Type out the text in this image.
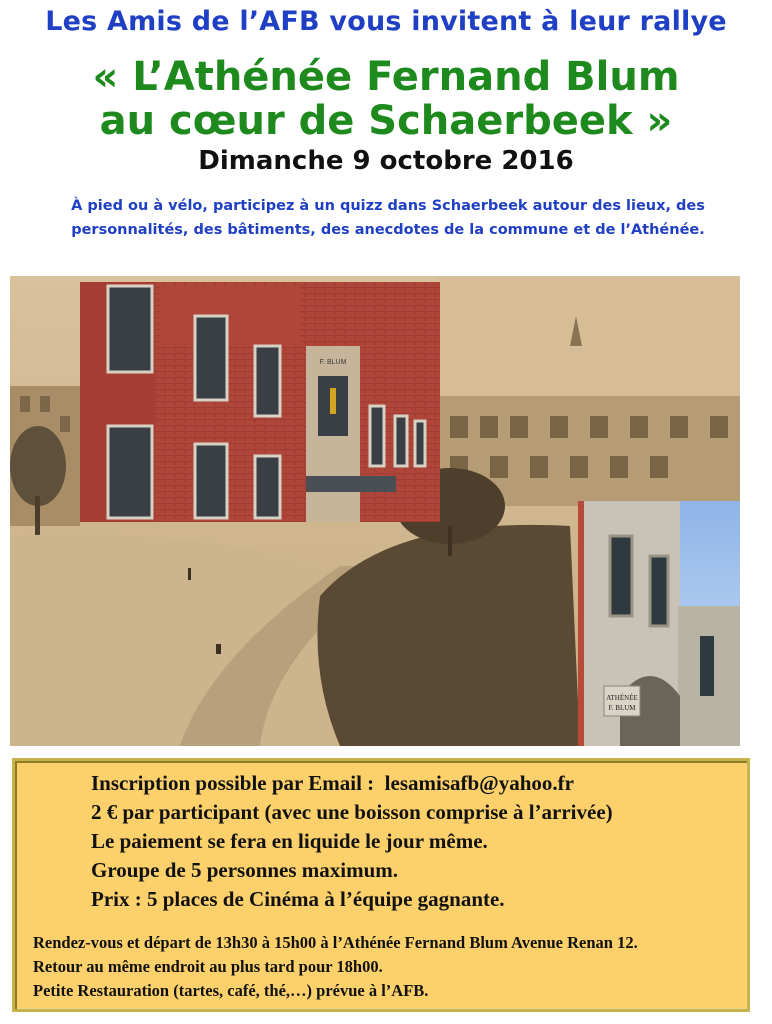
Les Amis de l’AFB vous invitent à leur rallye
« L’Athénée Fernand Blum
au cœur de Schaerbeek »
Dimanche 9 octobre 2016
À pied ou à vélo, participez à un quizz dans Schaerbeek autour des lieux, des
personnalités, des bâtiments, des anecdotes de la commune et de l’Athénée.
F. BLUM
ATHÉNÉE
F. BLUM
Inscription possible par Email : lesamisafb@yahoo.fr
2 € par participant (avec une boisson comprise à l’arrivée)
Le paiement se fera en liquide le jour même.
Groupe de 5 personnes maximum.
Prix : 5 places de Cinéma à l’équipe gagnante.
Rendez-vous et départ de 13h30 à 15h00 à l’Athénée Fernand Blum Avenue Renan 12.
Retour au même endroit au plus tard pour 18h00.
Petite Restauration (tartes, café, thé,…) prévue à l’AFB.
